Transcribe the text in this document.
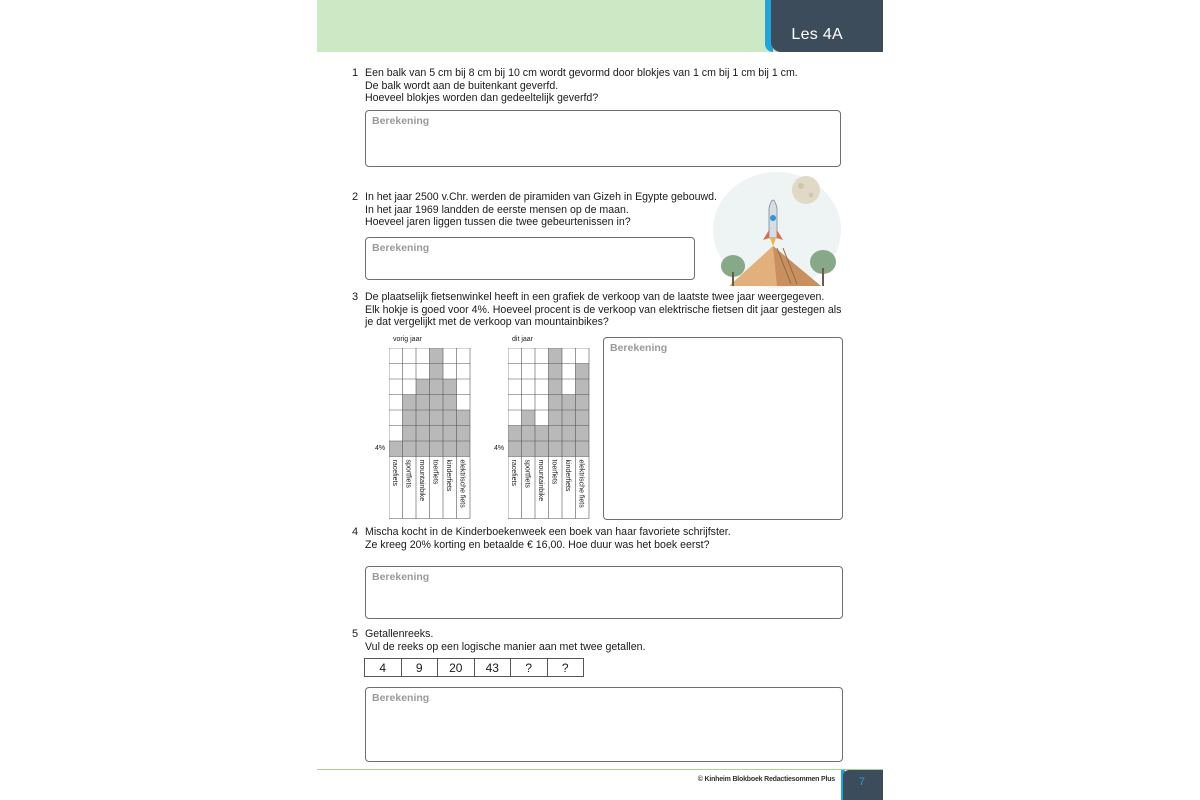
Les 4A
1 Een balk van 5 cm bij 8 cm bij 10 cm wordt gevormd door blokjes van 1 cm bij 1 cm bij 1 cm.
De balk wordt aan de buitenkant geverfd.
Hoeveel blokjes worden dan gedeeltelijk geverfd?
Berekening
2 In het jaar 2500 v.Chr. werden de piramiden van Gizeh in Egypte gebouwd.
In het jaar 1969 landden de eerste mensen op de maan.
Hoeveel jaren liggen tussen die twee gebeurtenissen in?
Berekening
3 De plaatselijk fietsenwinkel heeft in een grafiek de verkoop van de laatste twee jaar weergegeven.
Elk hokje is goed voor 4%. Hoeveel procent is de verkoop van elektrische fietsen dit jaar gestegen als
je dat vergelijkt met de verkoop van mountainbikes?
vorig jaar
4%
racefiets sportfiets mountainbike toerfiets kinderfiets elektrische fiets
dit jaar
4%
racefiets sportfiets mountainbike toerfiets kinderfiets elektrische fiets
Berekening
4 Mischa kocht in de Kinderboekenweek een boek van haar favoriete schrijfster.
Ze kreeg 20% korting en betaalde € 16,00. Hoe duur was het boek eerst?
Berekening
5 Getallenreeks.
Vul de reeks op een logische manier aan met twee getallen.
4	9	20	43	?	?
Berekening
© Kinheim Blokboek Redactiesommen Plus 7
